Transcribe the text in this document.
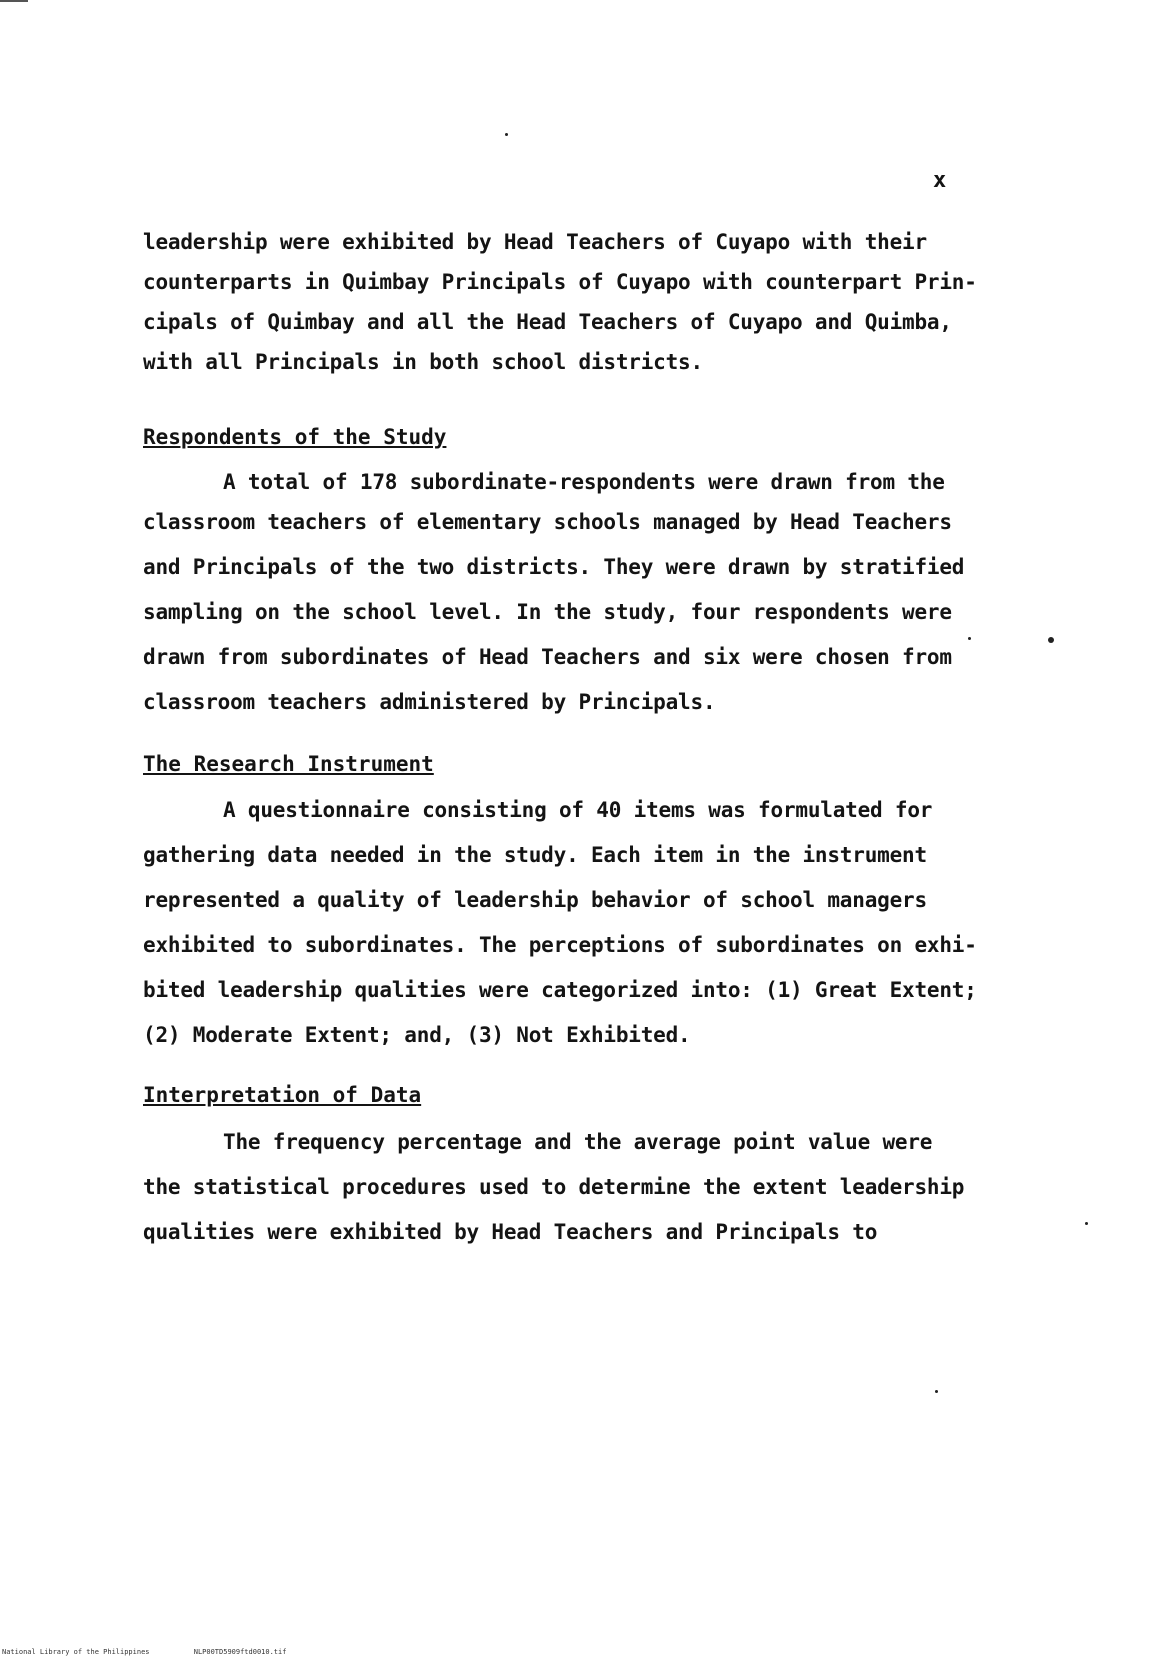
x
leadership were exhibited by Head Teachers of Cuyapo with their
counterparts in Quimbay Principals of Cuyapo with counterpart Prin-
cipals of Quimbay and all the Head Teachers of Cuyapo and Quimba,
with all Principals in both school districts.
Respondents of the Study
A total of 178 subordinate-respondents were drawn from the
classroom teachers of elementary schools managed by Head Teachers
and Principals of the two districts. They were drawn by stratified
sampling on the school level. In the study, four respondents were
drawn from subordinates of Head Teachers and six were chosen from
classroom teachers administered by Principals.
The Research Instrument
A questionnaire consisting of 40 items was formulated for
gathering data needed in the study. Each item in the instrument
represented a quality of leadership behavior of school managers
exhibited to subordinates. The perceptions of subordinates on exhi-
bited leadership qualities were categorized into: (1) Great Extent;
(2) Moderate Extent; and, (3) Not Exhibited.
Interpretation of Data
The frequency percentage and the average point value were
the statistical procedures used to determine the extent leadership
qualities were exhibited by Head Teachers and Principals to
National Library of the Philippines	NLP00TD5909ftd0010.tif
